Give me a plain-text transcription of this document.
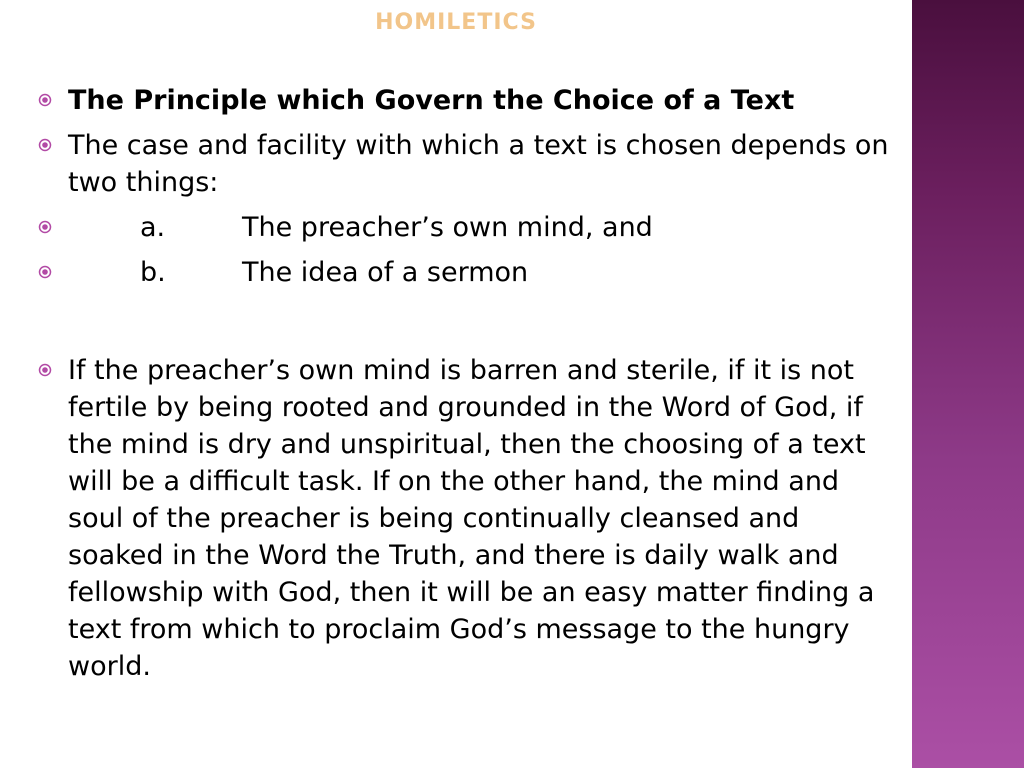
HOMILETICS
The Principle which Govern the Choice of a Text
The case and facility with which a text is chosen depends on two things:
a.	The preacher’s own mind, and
b.	The idea of a sermon
If the preacher’s own mind is barren and sterile, if it is not fertile by being rooted and grounded in the Word of God, if the mind is dry and unspiritual, then the choosing of a text will be a difficult task. If on the other hand, the mind and soul of the preacher is being continually cleansed and soaked in the Word the Truth, and there is daily walk and fellowship with God, then it will be an easy matter finding a text from which to proclaim God’s message to the hungry world.
